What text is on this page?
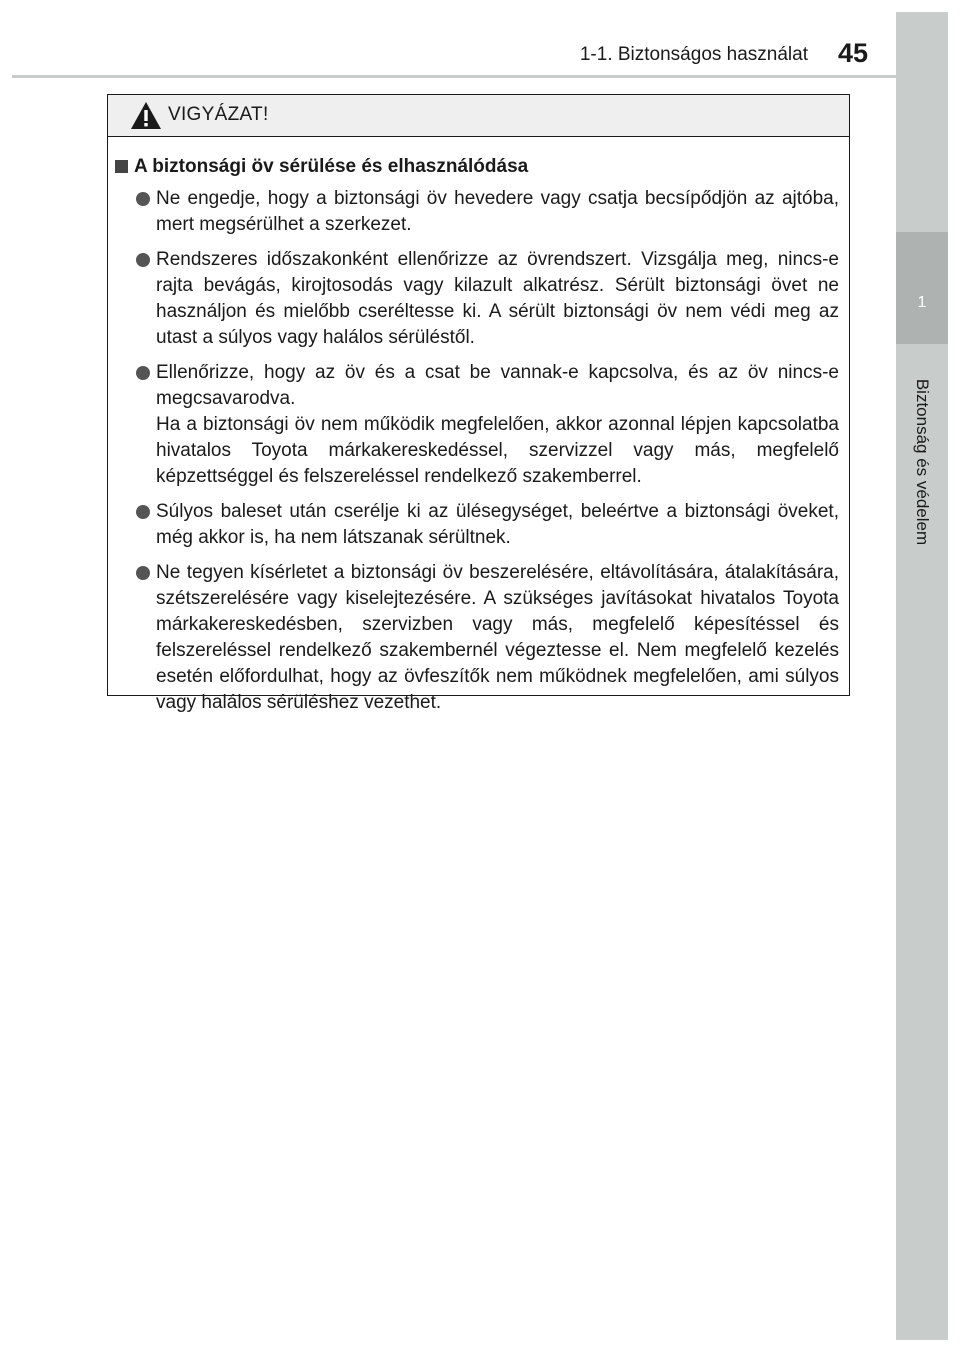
1-1. Biztonságos használat	45
1
Biztonság és védelem
VIGYÁZAT!
A biztonsági öv sérülése és elhasználódása

Ne engedje, hogy a biztonsági öv hevedere vagy csatja becsípődjön az ajtóba, mert megsérülhet a szerkezet.

Rendszeres időszakonként ellenőrizze az övrendszert. Vizsgálja meg, nincs-e rajta bevágás, kirojtosodás vagy kilazult alkatrész. Sérült biztonsági övet ne használjon és mielőbb cseréltesse ki. A sérült biztonsági öv nem védi meg az utast a súlyos vagy halálos sérüléstől.

Ellenőrizze, hogy az öv és a csat be vannak-e kapcsolva, és az öv nincs-e megcsavarodva.

Ha a biztonsági öv nem működik megfelelően, akkor azonnal lépjen kapcsolatba hivatalos Toyota márkakereskedéssel, szervizzel vagy más, megfelelő képzettséggel és felszereléssel rendelkező szakemberrel.

Súlyos baleset után cserélje ki az ülésegységet, beleértve a biztonsági öveket, még akkor is, ha nem látszanak sérültnek.

Ne tegyen kísérletet a biztonsági öv beszerelésére, eltávolítására, átalakítására, szétszerelésére vagy kiselejtezésére. A szükséges javításokat hivatalos Toyota márkakereskedésben, szervizben vagy más, megfelelő képesítéssel és felszereléssel rendelkező szakembernél végeztesse el. Nem megfelelő kezelés esetén előfordulhat, hogy az övfeszítők nem működnek megfelelően, ami súlyos vagy halálos sérüléshez vezethet.
